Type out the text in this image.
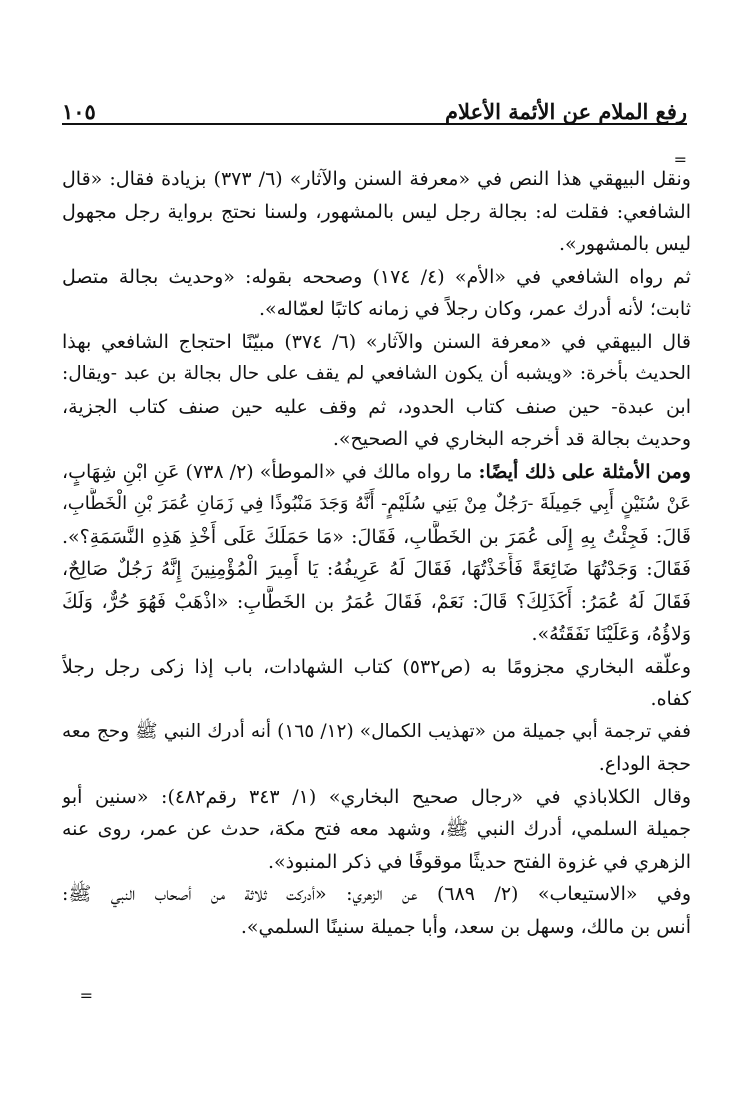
رفع الملام عن الأئمة الأعلام
١٠٥
=
ونقل البيهقي هذا النص في «معرفة السنن والآثار» (٦/ ٣٧٣) بزيادة فقال: «قال
الشافعي: فقلت له: بجالة رجل ليس بالمشهور، ولسنا نحتج برواية رجل مجهول
ليس بالمشهور».
ثم رواه الشافعي في «الأم» (٤/ ١٧٤) وصححه بقوله: «وحديث بجالة متصل
ثابت؛ لأنه أدرك عمر، وكان رجلاً في زمانه كاتبًا لعمّاله».
قال البيهقي في «معرفة السنن والآثار» (٦/ ٣٧٤) مبيّنًا احتجاج الشافعي بهذا
الحديث بأخرة: «ويشبه أن يكون الشافعي لم يقف على حال بجالة بن عبد -ويقال:
ابن عبدة- حين صنف كتاب الحدود، ثم وقف عليه حين صنف كتاب الجزية،
وحديث بجالة قد أخرجه البخاري في الصحيح».
ومن الأمثلة على ذلك أيضًا: ما رواه مالك في «الموطأ» (٢/ ٧٣٨) عَنِ ابْنِ شِهَابٍ،
عَنْ سُنَيْنٍ أَبِي جَمِيلَةَ -رَجُلٌ مِنْ بَنِي سُلَيْمٍ- أَنَّهُ وَجَدَ مَنْبُوذًا فِي زَمَانِ عُمَرَ بْنِ الْخَطَّابِ،
قَالَ: فَجِئْتُ بِهِ إِلَى عُمَرَ بن الخَطَّابِ، فَقَالَ: «مَا حَمَلَكَ عَلَى أَخْذِ هَذِهِ النَّسَمَةِ؟».
فَقَالَ: وَجَدْتُهَا ضَائِعَةً فَأَخَذْتُهَا، فَقَالَ لَهُ عَرِيفُهُ: يَا أَمِيرَ الْمُؤْمِنِينَ إِنَّهُ رَجُلٌ صَالِحٌ،
فَقَالَ لَهُ عُمَرُ: أَكَذَلِكَ؟ قَالَ: نَعَمْ، فَقَالَ عُمَرُ بن الخَطَّابِ: «اذْهَبْ فَهُوَ حُرٌّ، وَلَكَ
وَلاؤُهُ، وَعَلَيْنَا نَفَقَتُهُ».
وعلّقه البخاري مجزومًا به (ص٥٣٢) كتاب الشهادات، باب إذا زكى رجل رجلاً
كفاه.
ففي ترجمة أبي جميلة من «تهذيب الكمال» (١٢/ ١٦٥) أنه أدرك النبي ﷺ وحج معه
حجة الوداع.
وقال الكلاباذي في «رجال صحيح البخاري» (١/ ٣٤٣ رقم٤٨٢): «سنين أبو
جميلة السلمي، أدرك النبي ﷺ، وشهد معه فتح مكة، حدث عن عمر، روى عنه
الزهري في غزوة الفتح حديثًا موقوفًا في ذكر المنبوذ».
وفي «الاستيعاب» (٢/ ٦٨٩) عن الزهري: «أدركت ثلاثة من أصحاب النبي ﷺ:
أنس بن مالك، وسهل بن سعد، وأبا جميلة سنينًا السلمي».
=
